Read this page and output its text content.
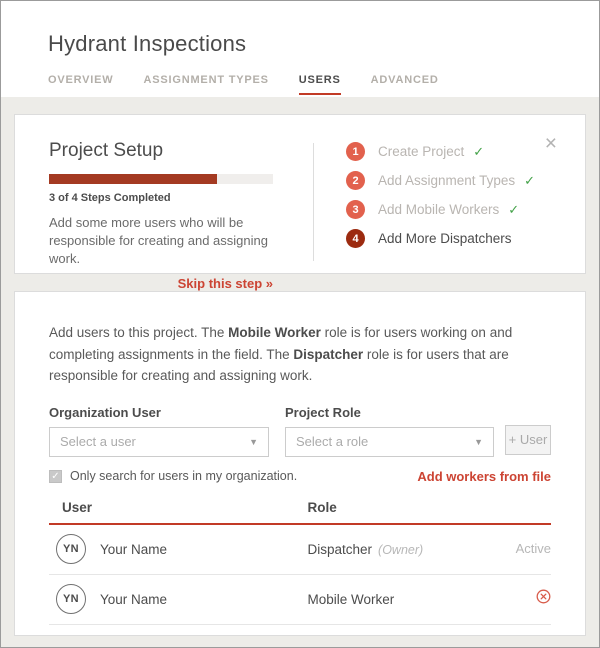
Hydrant Inspections
OVERVIEW	ASSIGNMENT TYPES	USERS	ADVANCED
×
Project Setup
3 of 4 Steps Completed
Add some more users who will be responsible for creating and assigning work.
Skip this step »
1	Create Project ✓
2	Add Assignment Types ✓
3	Add Mobile Workers ✓
4	Add More Dispatchers
Add users to this project. The Mobile Worker role is for users working on and completing assignments in the field. The Dispatcher role is for users that are responsible for creating and assigning work.
Organization User
Select a user	▼
Project Role
Select a role	▼ + User
✓ Only search for users in my organization.	Add workers from file
User	Role
YN	Your Name	Dispatcher (Owner)	Active
YN	Your Name	Mobile Worker
